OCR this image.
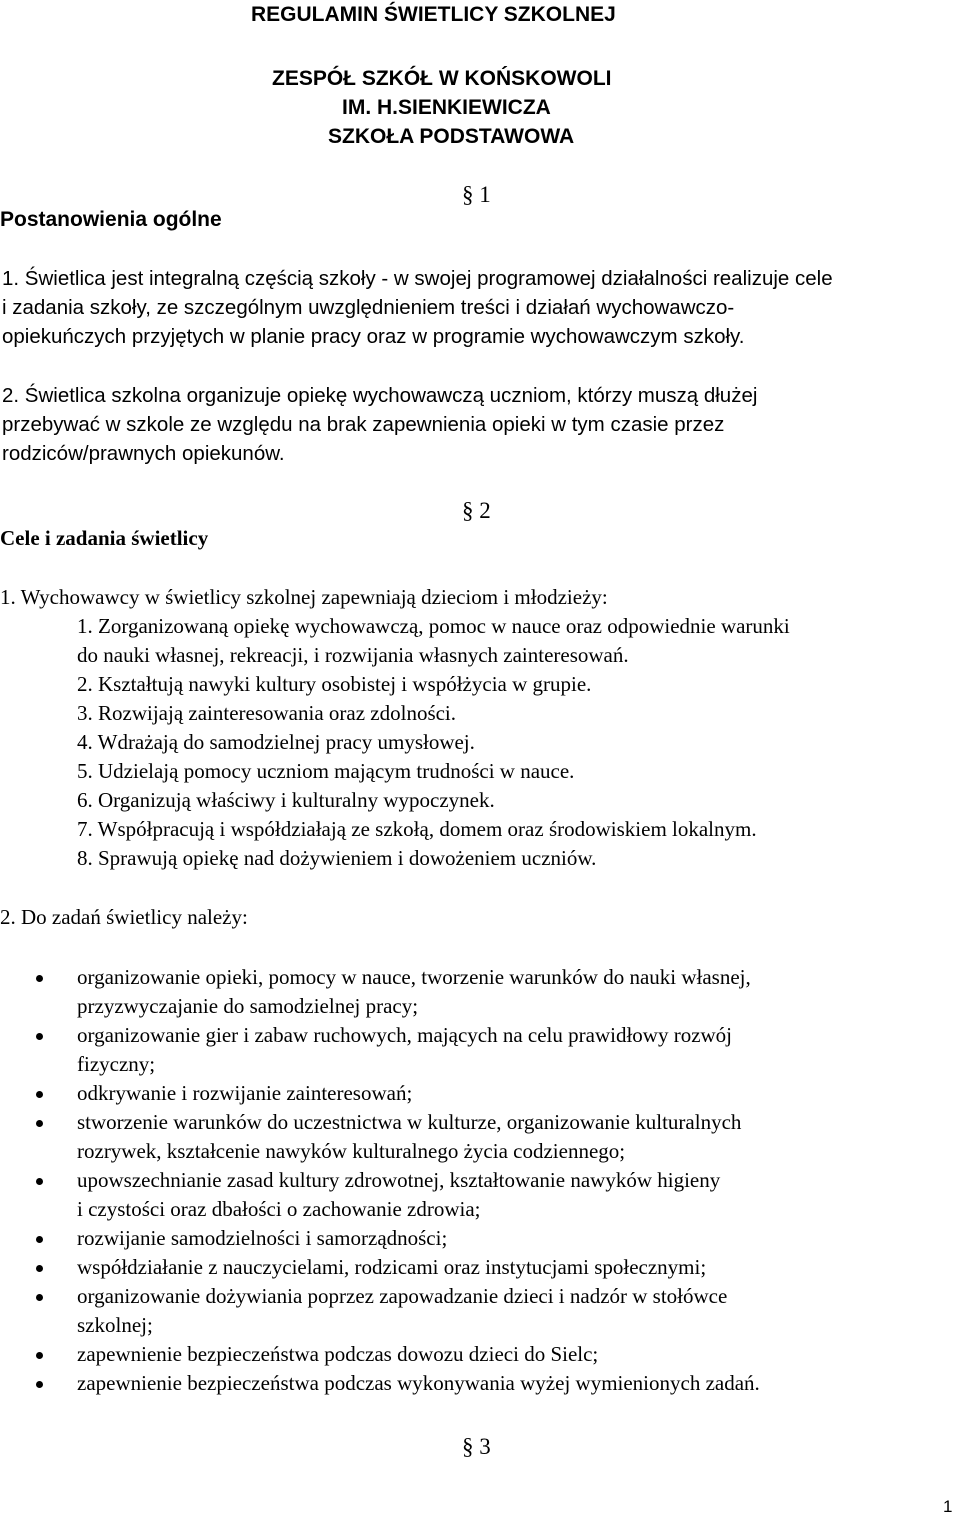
REGULAMIN ŚWIETLICY SZKOLNEJ
ZESPÓŁ SZKÓŁ W KOŃSKOWOLI
IM. H.SIENKIEWICZA
SZKOŁA PODSTAWOWA
§ 1
Postanowienia ogólne
1. Świetlica jest integralną częścią szkoły - w swojej programowej działalności realizuje cele
i zadania szkoły, ze szczególnym uwzględnieniem treści i działań wychowawczo-
opiekuńczych przyjętych w planie pracy oraz w programie wychowawczym szkoły.
2. Świetlica szkolna organizuje opiekę wychowawczą uczniom, którzy muszą dłużej
przebywać w szkole ze względu na brak zapewnienia opieki w tym czasie przez
rodziców/prawnych opiekunów.
§ 2
Cele i zadania świetlicy
1. Wychowawcy w świetlicy szkolnej zapewniają dzieciom i młodzieży:
1. Zorganizowaną opiekę wychowawczą, pomoc w nauce oraz odpowiednie warunki
do nauki własnej, rekreacji, i rozwijania własnych zainteresowań.
2. Kształtują nawyki kultury osobistej i współżycia w grupie.
3. Rozwijają zainteresowania oraz zdolności.
4. Wdrażają do samodzielnej pracy umysłowej.
5. Udzielają pomocy uczniom mającym trudności w nauce.
6. Organizują właściwy i kulturalny wypoczynek.
7. Współpracują i współdziałają ze szkołą, domem oraz środowiskiem lokalnym.
8. Sprawują opiekę nad dożywieniem i dowożeniem uczniów.
2. Do zadań świetlicy należy:
organizowanie opieki, pomocy w nauce, tworzenie warunków do nauki własnej,
przyzwyczajanie do samodzielnej pracy;
organizowanie gier i zabaw ruchowych, mających na celu prawidłowy rozwój
fizyczny;
odkrywanie i rozwijanie zainteresowań;
stworzenie warunków do uczestnictwa w kulturze, organizowanie kulturalnych
rozrywek, kształcenie nawyków kulturalnego życia codziennego;
upowszechnianie zasad kultury zdrowotnej, kształtowanie nawyków higieny
i czystości oraz dbałości o zachowanie zdrowia;
rozwijanie samodzielności i samorządności;
współdziałanie z nauczycielami, rodzicami oraz instytucjami społecznymi;
organizowanie dożywiania poprzez zapowadzanie dzieci i nadzór w stołówce
szkolnej;
zapewnienie bezpieczeństwa podczas dowozu dzieci do Sielc;
zapewnienie bezpieczeństwa podczas wykonywania wyżej wymienionych zadań.
§ 3
1
